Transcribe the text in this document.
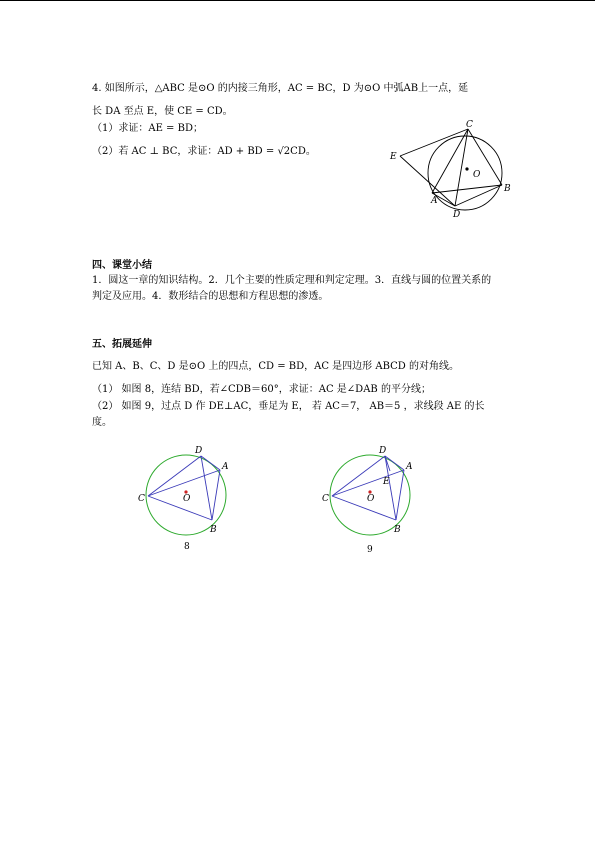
4. 如图所示，△ABC 是⊙O 的内接三角形，AC = BC，D 为⊙O 中弧AB上一点，延
长 DA 至点 E，使 CE = CD。
（1）求证：AE = BD；
（2）若 AC ⊥ BC，求证：AD + BD = √2CD。
C
E
O
A
B
D
四、课堂小结
1．圆这一章的知识结构。2．几个主要的性质定理和判定定理。3．直线与圆的位置关系的
判定及应用。4．数形结合的思想和方程思想的渗透。
五、拓展延伸
已知 A、B、C、D 是⊙O 上的四点，CD = BD，AC 是四边形 ABCD 的对角线。
（1） 如图 8，连结 BD，若∠CDB＝60°，求证：AC 是∠DAB 的平分线；
（2） 如图 9，过点 D 作 DE⊥AC，垂足为 E， 若 AC＝7， AB＝5 ，求线段 AE 的长
度。
D
A
C	O
B
8
D
A
E
C	O
B
9
